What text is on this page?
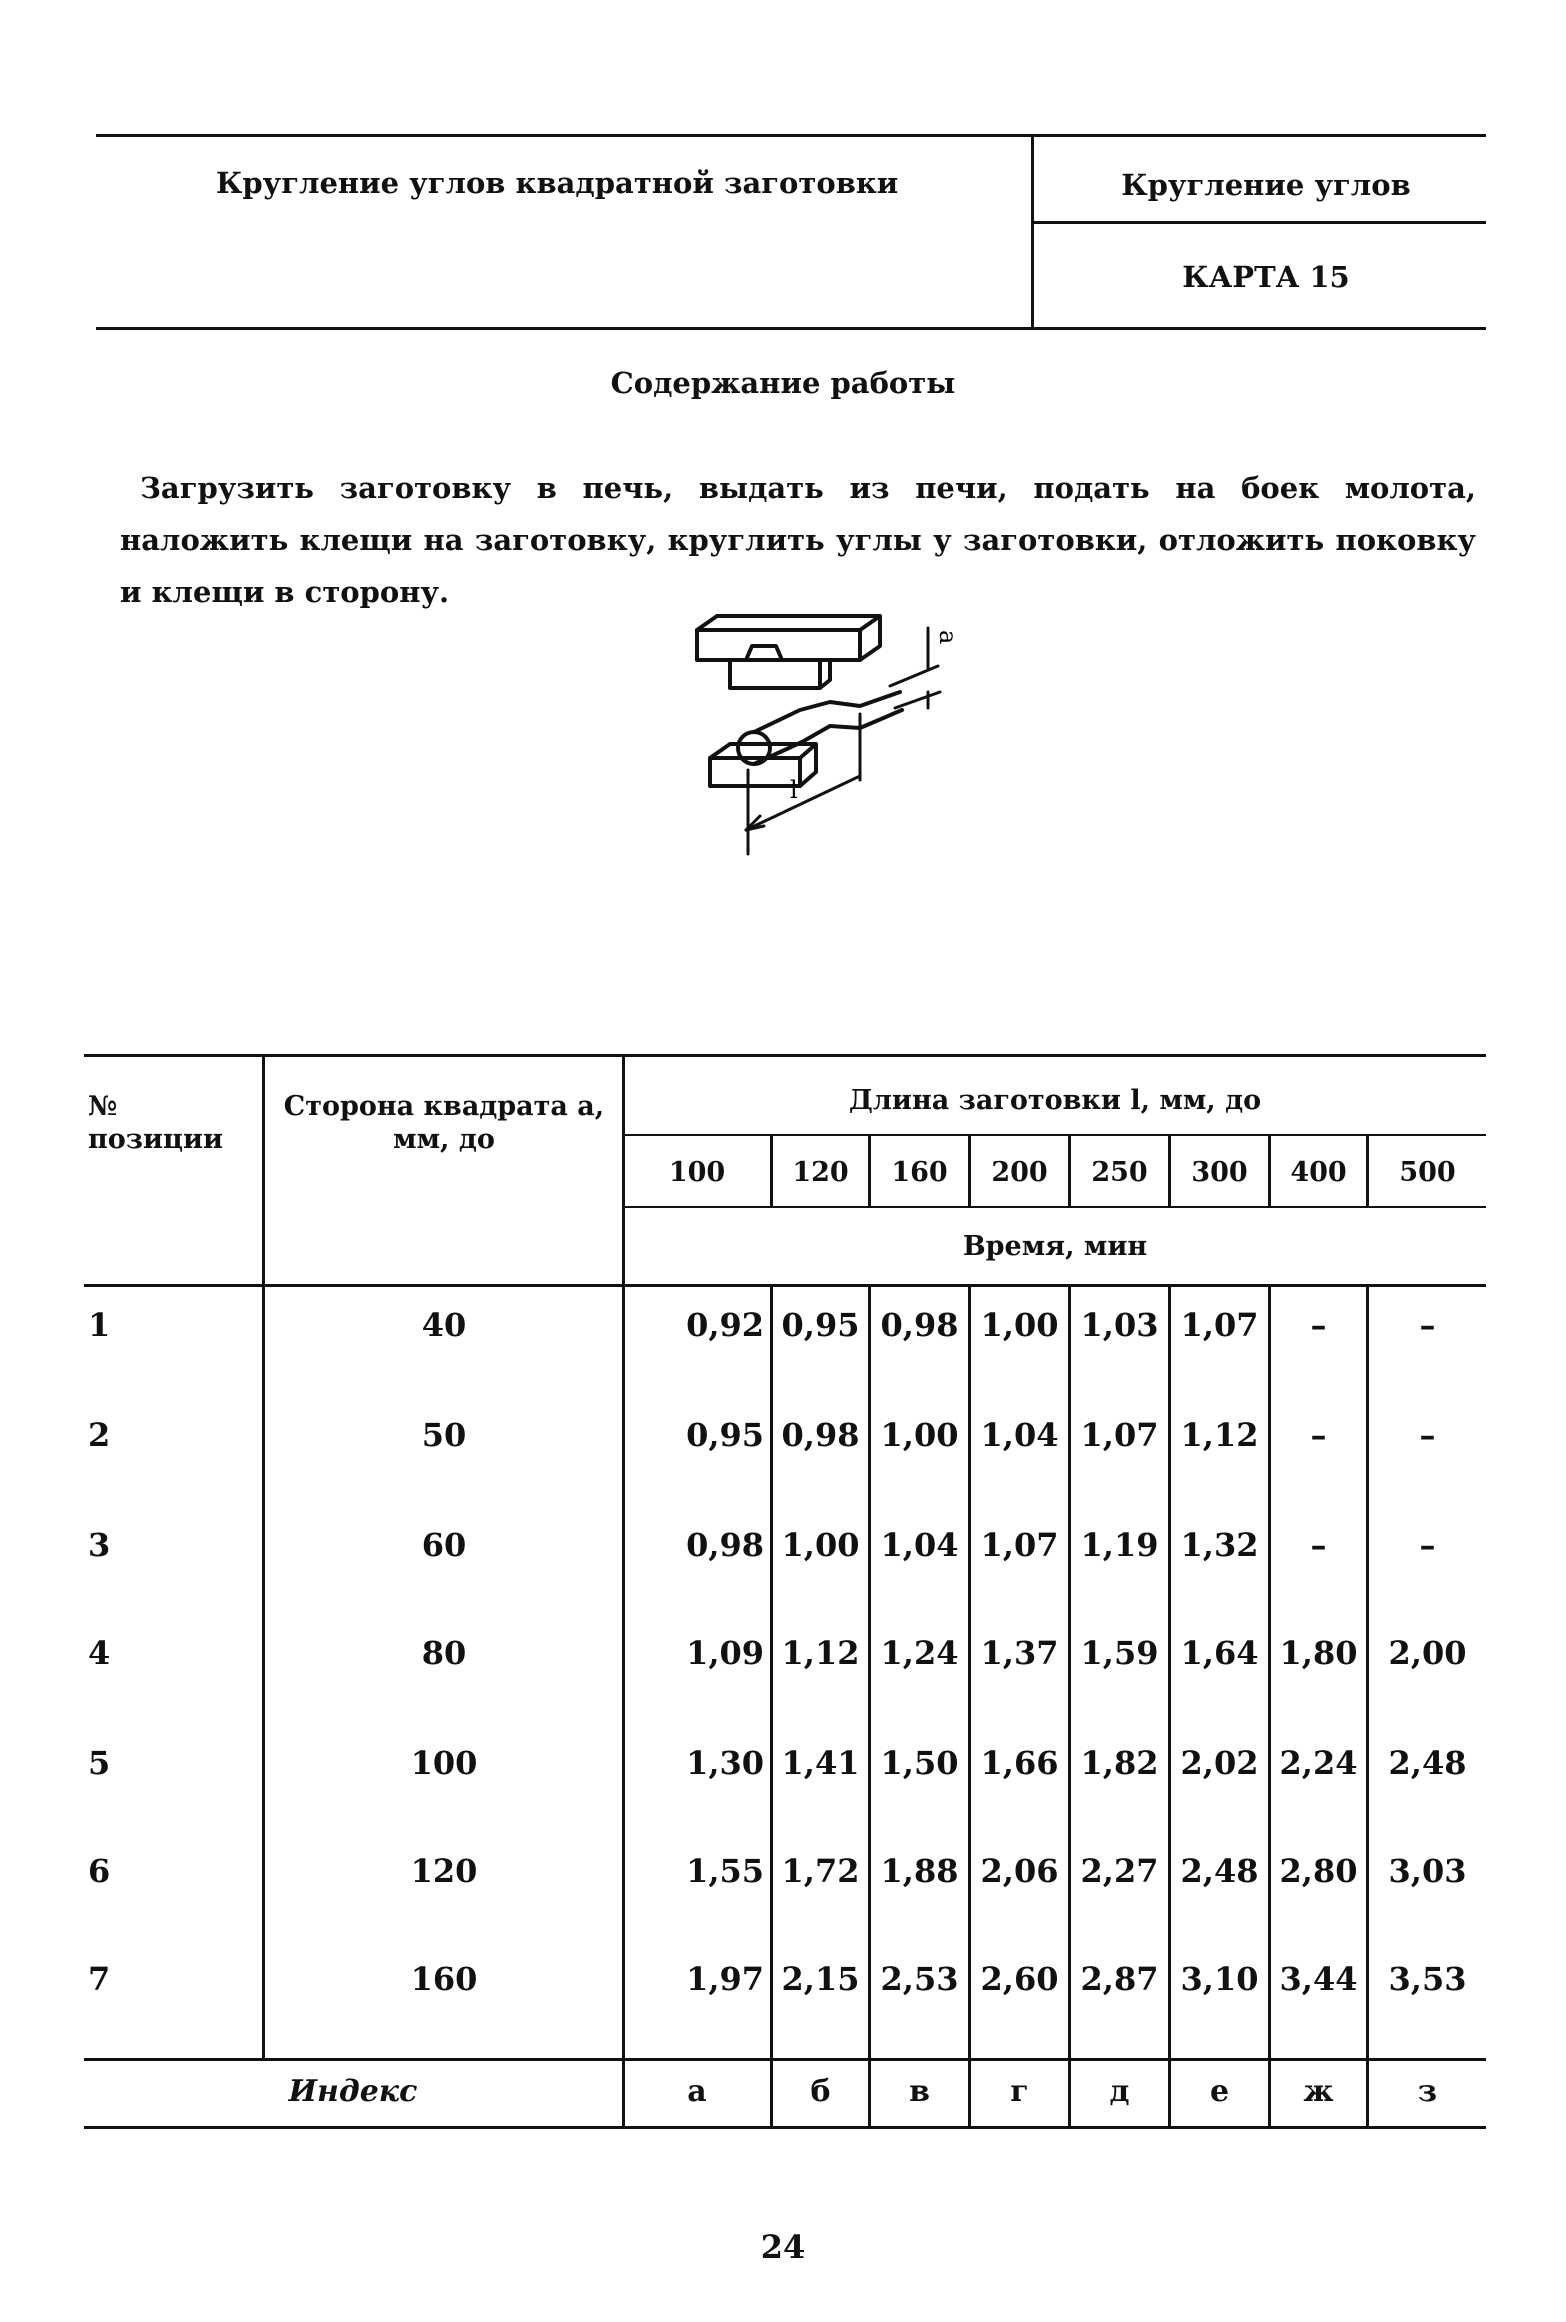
Кругление углов квадратной заготовки	Кругление углов
КАРТА 15
Содержание работы
Загрузить заготовку в печь, выдать из печи, подать на боек молота, наложить клещи на заготовку, круглить углы у заготовки, отложить поковку и клещи в сторону.
а
l
№ позиции
Сторона квадрата а, мм, до
Длина заготовки l, мм, до
100	120	160	200	250	300	400	500
Время, мин
1	40	0,92 0,95 0,98 1,00 1,03 1,07	–	–
2	50	0,95 0,98 1,00 1,04 1,07 1,12	–	–
3	60	0,98 1,00 1,04 1,07 1,19 1,32	–	–
4	80	1,09 1,12 1,24 1,37 1,59 1,64 1,80 2,00
5	100	1,30 1,41 1,50 1,66 1,82 2,02 2,24 2,48
6	120	1,55 1,72 1,88 2,06 2,27 2,48 2,80 3,03
7	160	1,97 2,15 2,53 2,60 2,87 3,10 3,44 3,53
Индекс	а	б	в	г	д	е	ж	з
24
